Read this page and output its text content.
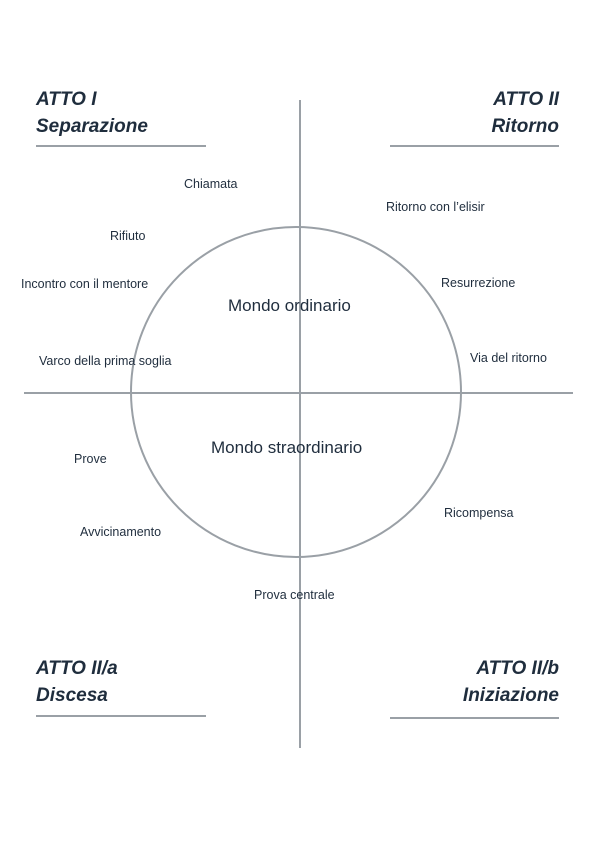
ATTO I
Separazione
ATTO II
Ritorno
ATTO II/a
Discesa
ATTO II/b
Iniziazione
Mondo ordinario
Mondo straordinario
Chiamata
Rifiuto
Incontro con il mentore
Varco della prima soglia
Prove
Avvicinamento
Prova centrale
Ricompensa
Via del ritorno
Resurrezione
Ritorno con l’elisir
